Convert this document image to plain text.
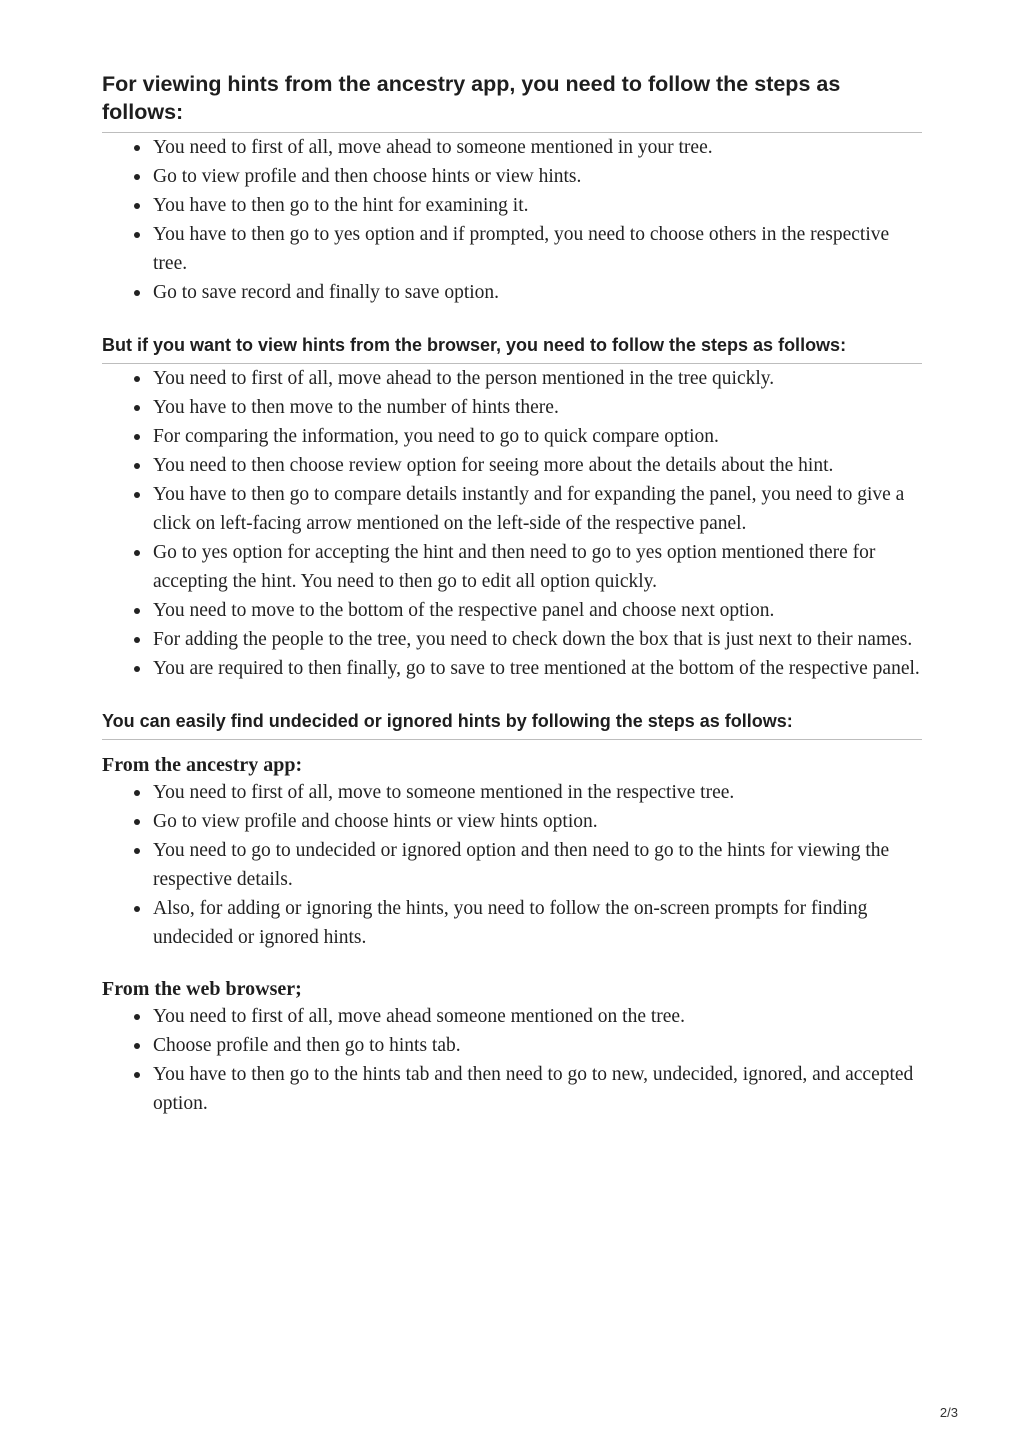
For viewing hints from the ancestry app, you need to follow the steps as follows:
You need to first of all, move ahead to someone mentioned in your tree.
Go to view profile and then choose hints or view hints.
You have to then go to the hint for examining it.
You have to then go to yes option and if prompted, you need to choose others in the respective tree.
Go to save record and finally to save option.
But if you want to view hints from the browser, you need to follow the steps as follows:
You need to first of all, move ahead to the person mentioned in the tree quickly.
You have to then move to the number of hints there.
For comparing the information, you need to go to quick compare option.
You need to then choose review option for seeing more about the details about the hint.
You have to then go to compare details instantly and for expanding the panel, you need to give a click on left-facing arrow mentioned on the left-side of the respective panel.
Go to yes option for accepting the hint and then need to go to yes option mentioned there for accepting the hint. You need to then go to edit all option quickly.
You need to move to the bottom of the respective panel and choose next option.
For adding the people to the tree, you need to check down the box that is just next to their names.
You are required to then finally, go to save to tree mentioned at the bottom of the respective panel.
You can easily find undecided or ignored hints by following the steps as follows:
From the ancestry app:
You need to first of all, move to someone mentioned in the respective tree.
Go to view profile and choose hints or view hints option.
You need to go to undecided or ignored option and then need to go to the hints for viewing the respective details.
Also, for adding or ignoring the hints, you need to follow the on-screen prompts for finding undecided or ignored hints.
From the web browser;
You need to first of all, move ahead someone mentioned on the tree.
Choose profile and then go to hints tab.
You have to then go to the hints tab and then need to go to new, undecided, ignored, and accepted option.
2/3
